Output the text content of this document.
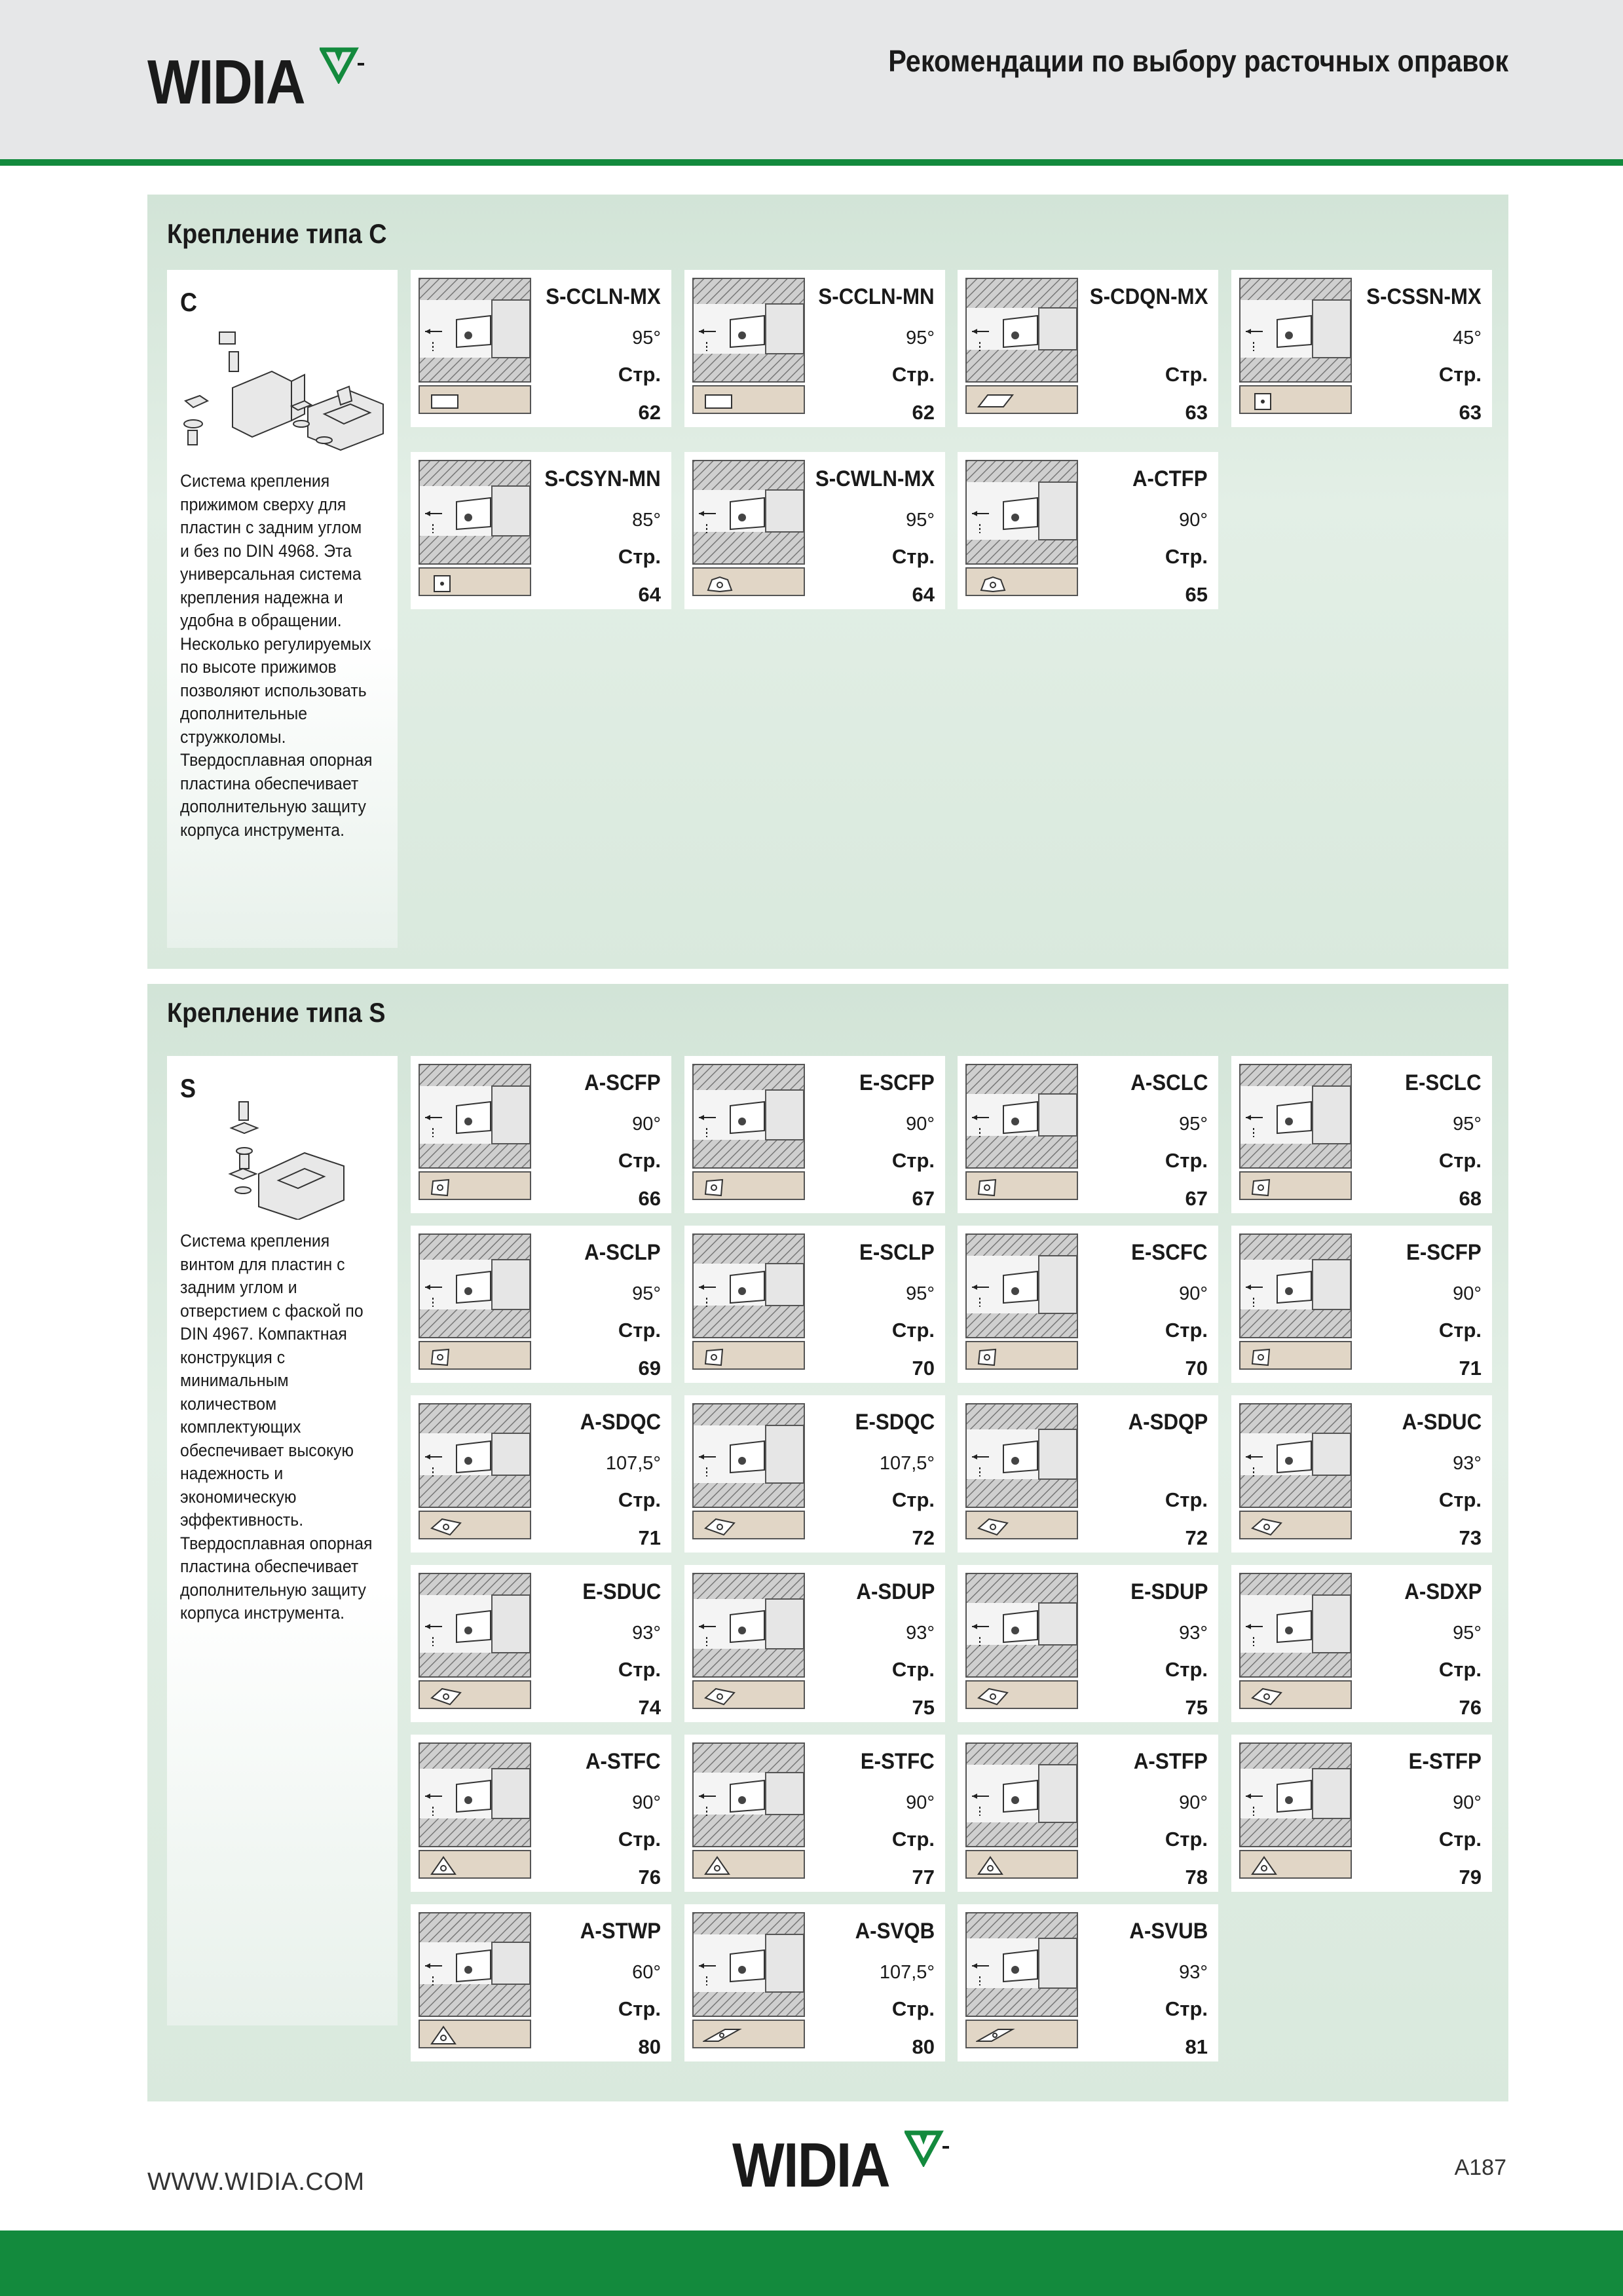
WIDIA	Рекомендации по выбору расточных оправок
Крепление типа C
C
Система крепления прижимом сверху для пластин с задним углом и без по DIN 4968. Эта универсальная система крепления надежна и удобна в обращении. Несколько регулируемых по высоте прижимов позволяют использовать дополнительные стружколомы. Твердосплавная опорная пластина обеспечивает дополнительную защиту корпуса инструмента.
S-CCLN-MX
95°
Стр.
62
S-CCLN-MN
95°
Стр.
62
S-CDQN-MX
Стр.
63
S-CSSN-MX
45°
Стр.
63
S-CSYN-MN
85°
Стр.
64
S-CWLN-MX
95°
Стр.
64
A-CTFP
90°
Стр.
65
Крепление типа S
S
Система крепления винтом для пластин с задним углом и отверстием с фаской по DIN 4967. Компактная конструкция с минимальным количеством комплектующих обеспечивает высокую надежность и экономическую эффективность. Твердосплавная опорная пластина обеспечивает дополнительную защиту корпуса инструмента.
A-SCFP
90°
Стр.
66
E-SCFP
90°
Стр.
67
A-SCLC
95°
Стр.
67
E-SCLC
95°
Стр.
68
A-SCLP
95°
Стр.
69
E-SCLP
95°
Стр.
70
E-SCFC
90°
Стр.
70
E-SCFP
90°
Стр.
71
A-SDQC
107,5°
Стр.
71
E-SDQC
107,5°
Стр.
72
A-SDQP
Стр.
72
A-SDUC
93°
Стр.
73
E-SDUC
93°
Стр.
74
A-SDUP
93°
Стр.
75
E-SDUP
93°
Стр.
75
A-SDXP
95°
Стр.
76
A-STFC
90°
Стр.
76
E-STFC
90°
Стр.
77
A-STFP
90°
Стр.
78
E-STFP
90°
Стр.
79
A-STWP
60°
Стр.
80
A-SVQB
107,5°
Стр.
80
A-SVUB
93°
Стр.
81
WWW.WIDIA.COM	WIDIA	A187
